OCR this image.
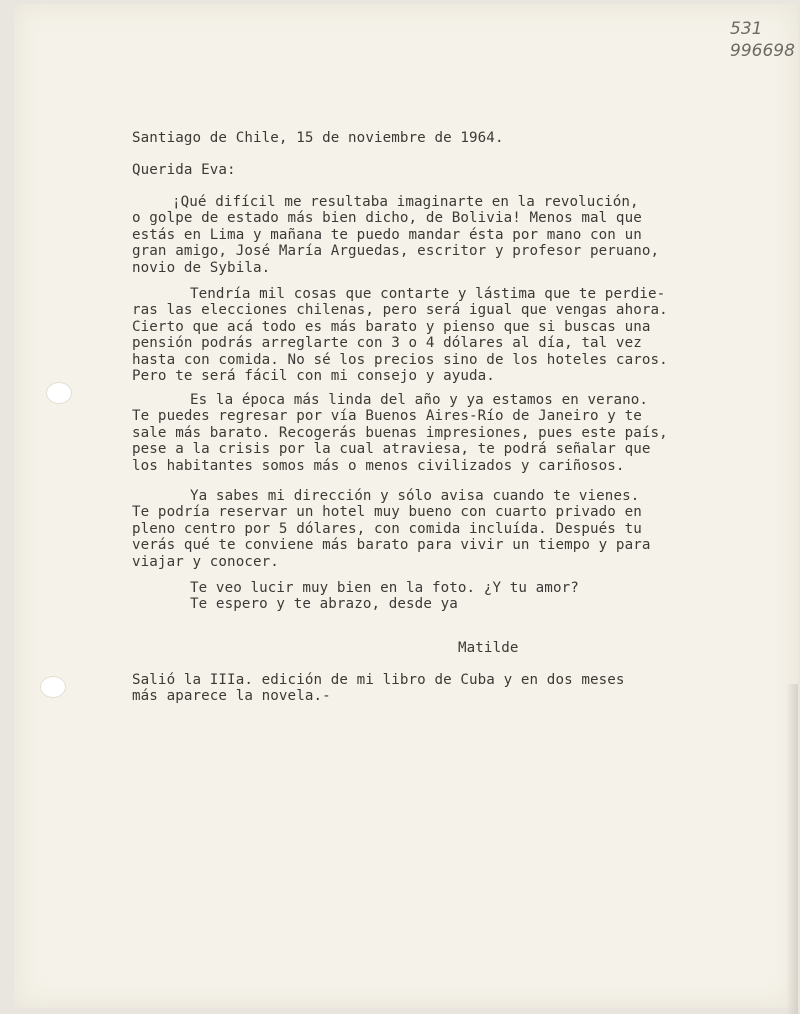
531
996698

Santiago de Chile, 15 de noviembre de 1964.

Querida Eva:

¡Qué difícil me resultaba imaginarte en la revolución,

o golpe de estado más bien dicho, de Bolivia! Menos mal que

estás en Lima y mañana te puedo mandar ésta por mano con un

gran amigo, José María Arguedas, escritor y profesor peruano,

novio de Sybila.

Tendría mil cosas que contarte y lástima que te perdie-

ras las elecciones chilenas, pero será igual que vengas ahora.

Cierto que acá todo es más barato y pienso que si buscas una

pensión podrás arreglarte con 3 o 4 dólares al día, tal vez

hasta con comida. No sé los precios sino de los hoteles caros.

Pero te será fácil con mi consejo y ayuda.

Es la época más linda del año y ya estamos en verano.

Te puedes regresar por vía Buenos Aires-Río de Janeiro y te

sale más barato. Recogerás buenas impresiones, pues este país,

pese a la crisis por la cual atraviesa, te podrá señalar que

los habitantes somos más o menos civilizados y cariñosos.

Ya sabes mi dirección y sólo avisa cuando te vienes.

Te podría reservar un hotel muy bueno con cuarto privado en

pleno centro por 5 dólares, con comida incluída. Después tu

verás qué te conviene más barato para vivir un tiempo y para

viajar y conocer.

Te veo lucir muy bien en la foto. ¿Y tu amor?

Te espero y te abrazo, desde ya

Matilde

Salió la IIIa. edición de mi libro de Cuba y en dos meses

más aparece la novela.-
